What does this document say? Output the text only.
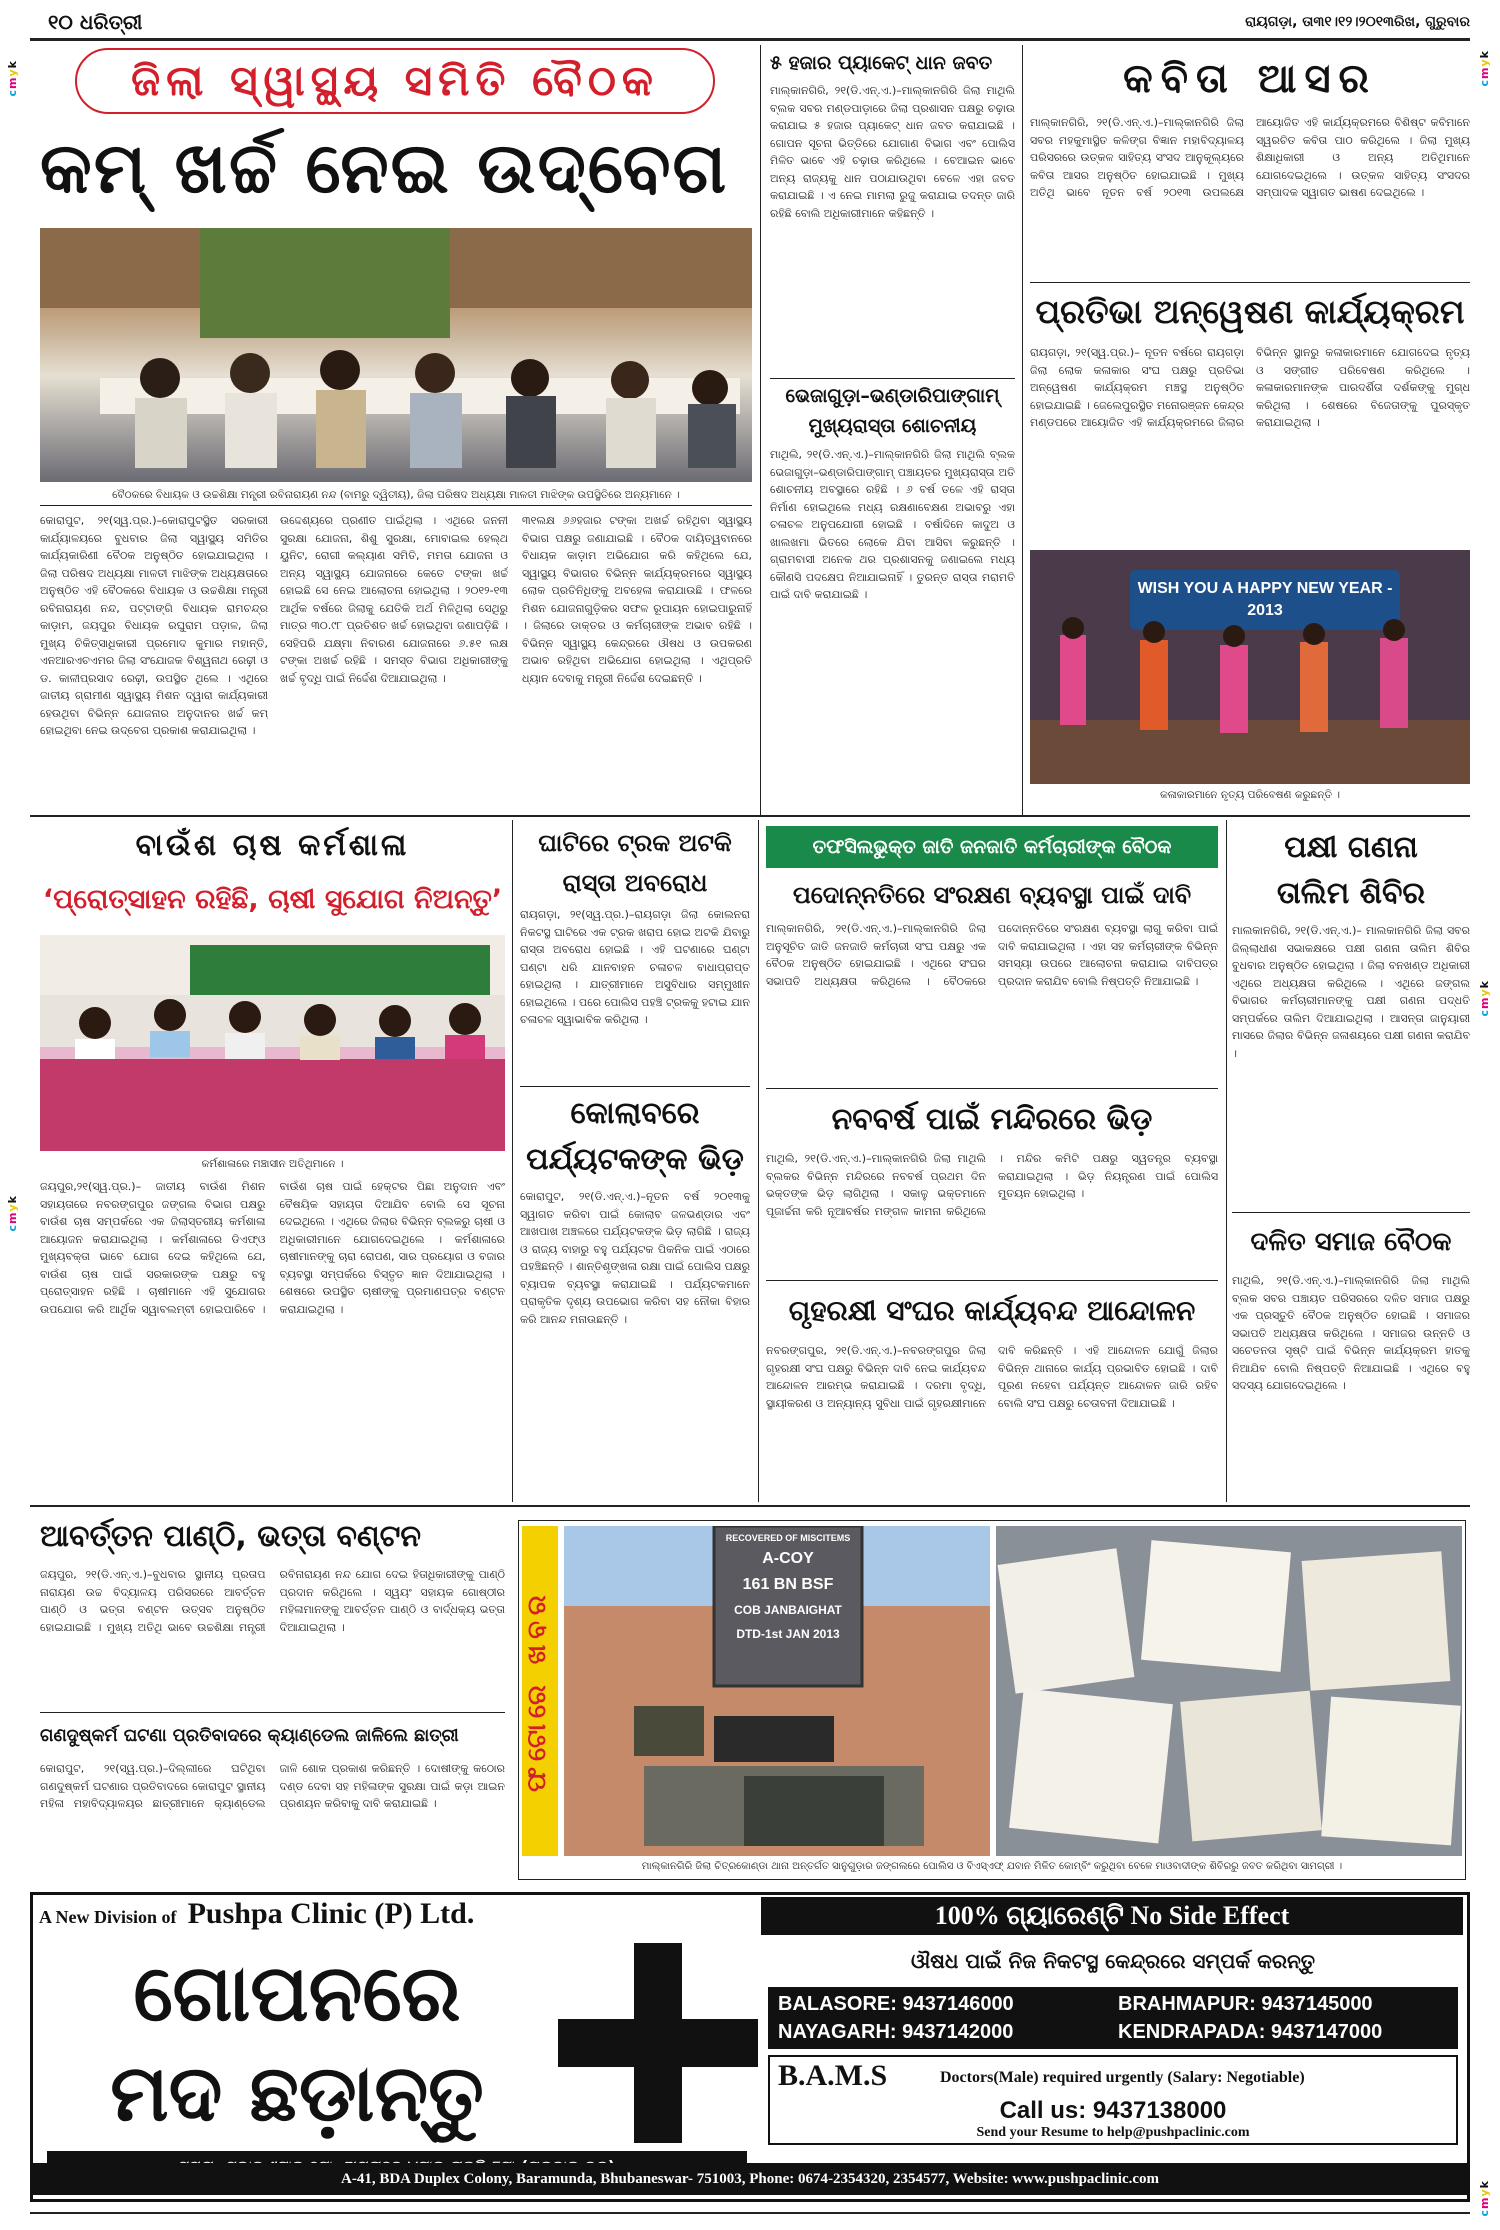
୧୦ ଧରିତ୍ରୀ	ରାୟଗଡ଼ା, ତା୩୧।୧୨।୨୦୧୩ରିଖ, ଗୁରୁବାର
cmyk
cmyk
cmyk
cmyk
cmyk
ଜିଲା ସ୍ୱାସ୍ଥ୍ୟ ସମିତି ବୈଠକ
କମ୍ ଖର୍ଚ୍ଚ ନେଇ ଉଦ୍‌ବେଗ
ବୈଠକରେ ବିଧାୟକ ଓ ଉଚ୍ଚଶିକ୍ଷା ମନ୍ତ୍ରୀ ରବିନାରାୟଣ ନନ୍ଦ (ବାମରୁ ଦ୍ୱିତୀୟ), ଜିଲା ପରିଷଦ ଅଧ୍ୟକ୍ଷା ମାଳତୀ ମାଝିଙ୍କ ଉପସ୍ଥିତିରେ ଅନ୍ୟମାନେ ।
କୋରାପୁଟ, ୨୧(ସ୍ୱ.ପ୍ର.)–କୋରାପୁଟସ୍ଥିତ ସରକାରୀ କାର୍ଯ୍ୟାଳୟରେ ବୁଧବାର ଜିଲା ସ୍ୱାସ୍ଥ୍ୟ ସମିତିର କାର୍ଯ୍ୟକାରିଣୀ ବୈଠକ ଅନୁଷ୍ଠିତ ହୋଇଯାଇଥିଲା । ଜିଲା ପରିଷଦ ଅଧ୍ୟକ୍ଷା ମାଳତୀ ମାଝିଙ୍କ ଅଧ୍ୟକ୍ଷତାରେ ଅନୁଷ୍ଠିତ ଏହି ବୈଠକରେ ବିଧାୟକ ଓ ଉଚ୍ଚଶିକ୍ଷା ମନ୍ତ୍ରୀ ରବିନାରାୟଣ ନନ୍ଦ, ପଟ୍ଟାଙ୍ଗି ବିଧାୟକ ରାମଚନ୍ଦ୍ର କାଡ଼ାମ, ଜୟପୁର ବିଧାୟକ ରଘୁରାମ ପଡ଼ାଳ, ଜିଲା ମୁଖ୍ୟ ଚିକିତ୍ସାଧିକାରୀ ପ୍ରମୋଦ କୁମାର ମହାନ୍ତି, ଏନଆରଏଚଏମର ଜିଲା ସଂଯୋଜକ ବିଶ୍ୱନାଥ ରେଢ଼ୀ ଓ ଡ. କାଳୀପ୍ରସାଦ ରେଢ଼ୀ, ଉପସ୍ଥିତ ଥିଲେ । ଏଥିରେ ଜାତୀୟ ଗ୍ରାମୀଣ ସ୍ୱାସ୍ଥ୍ୟ ମିଶନ ଦ୍ୱାରା କାର୍ଯ୍ୟକାରୀ ହେଉଥିବା ବିଭିନ୍ନ ଯୋଜନାର ଅନୁଦାନର ଖର୍ଚ୍ଚ କମ୍ ହୋଇଥିବା ନେଇ ଉଦ୍‌ବେଗ ପ୍ରକାଶ କରାଯାଇଥିଲା ।
ଉଦ୍ଦେଶ୍ୟରେ ପ୍ରଣୀତ ପାଇଁଥିଲା । ଏଥିରେ ଜନନୀ ସୁରକ୍ଷା ଯୋଜନା, ଶିଶୁ ସୁରକ୍ଷା, ମୋବାଇଲ ହେଲ୍‌ଥ ୟୁନିଟ, ରୋଗୀ କଲ୍ୟାଣ ସମିତି, ମମତା ଯୋଜନା ଓ ଅନ୍ୟ ସ୍ୱାସ୍ଥ୍ୟ ଯୋଜନାରେ କେତେ ଟଙ୍କା ଖର୍ଚ୍ଚ ହୋଇଛି ସେ ନେଇ ଆଲୋଚନା ହୋଇଥିଲା । ୨୦୧୨-୧୩ ଆର୍ଥିକ ବର୍ଷରେ ଜିଲାକୁ ଯେତିକି ଅର୍ଥ ମିଳିଥିଲା ସେଥିରୁ ମାତ୍ର ୩୦.୯୮ ପ୍ରତିଶତ ଖର୍ଚ୍ଚ ହୋଇଥିବା ଜଣାପଡ଼ିଛି । ସେହିପରି ଯକ୍ଷ୍ମା ନିବାରଣ ଯୋଜନାରେ ୬.୫୧ ଲକ୍ଷ ଟଙ୍କା ଅଖର୍ଚ୍ଚ ରହିଛି । ସମସ୍ତ ବିଭାଗ ଅଧିକାରୀଙ୍କୁ ଖର୍ଚ୍ଚ ବୃଦ୍ଧି ପାଇଁ ନିର୍ଦ୍ଦେଶ ଦିଆଯାଇଥିଲା ।
୩୧ଲକ୍ଷ ୬୬ହଜାର ଟଙ୍କା ଅଖର୍ଚ୍ଚ ରହିଥିବା ସ୍ୱାସ୍ଥ୍ୟ ବିଭାଗ ପକ୍ଷରୁ ଜଣାଯାଇଛି । ବୈଠକ ଦାୟିତ୍ୱବାନରେ ବିଧାୟକ କାଡ଼ାମ ଅଭିଯୋଗ କରି କହିଥିଲେ ଯେ, ସ୍ୱାସ୍ଥ୍ୟ ବିଭାଗର ବିଭିନ୍ନ କାର୍ଯ୍ୟକ୍ରମରେ ସ୍ୱାସ୍ଥ୍ୟ ଲୋକ ପ୍ରତିନିଧିଙ୍କୁ ଅବହେଳା କରାଯାଉଛି । ଫଳରେ ମିଶନ ଯୋଜନାଗୁଡ଼ିକର ସଫଳ ରୂପାୟନ ହୋଇପାରୁନାହିଁ । ଜିଲାରେ ଡାକ୍ତର ଓ କର୍ମଚାରୀଙ୍କ ଅଭାବ ରହିଛି । ବିଭିନ୍ନ ସ୍ୱାସ୍ଥ୍ୟ କେନ୍ଦ୍ରରେ ଔଷଧ ଓ ଉପକରଣ ଅଭାବ ରହିଥିବା ଅଭିଯୋଗ ହୋଇଥିଲା । ଏଥିପ୍ରତି ଧ୍ୟାନ ଦେବାକୁ ମନ୍ତ୍ରୀ ନିର୍ଦ୍ଦେଶ ଦେଇଛନ୍ତି ।
୫ ହଜାର ପ୍ୟାକେଟ୍ ଧାନ ଜବତ
ମାଲ୍କାନଗିରି, ୨୧(ଡି.ଏନ୍.ଏ.)–ମାଲ୍କାନଗିରି ଜିଲା ମାଥିଲି ବ୍ଲକ ସବର ମଣ୍ଡପାଡ଼ାରେ ଜିଲା ପ୍ରଶାସନ ପକ୍ଷରୁ ଚଢ଼ାଉ କରାଯାଇ ୫ ହଜାର ପ୍ୟାକେଟ୍ ଧାନ ଜବତ କରାଯାଇଛି । ଗୋପନ ସୂଚନା ଭିତ୍ତିରେ ଯୋଗାଣ ବିଭାଗ ଏବଂ ପୋଲିସ ମିଳିତ ଭାବେ ଏହି ଚଢ଼ାଉ କରିଥିଲେ । ବେଆଇନ ଭାବେ ଅନ୍ୟ ରାଜ୍ୟକୁ ଧାନ ପଠାଯାଉଥିବା ବେଳେ ଏହା ଜବତ କରାଯାଇଛି । ଏ ନେଇ ମାମଲା ରୁଜୁ କରାଯାଇ ତଦନ୍ତ ଜାରି ରହିଛି ବୋଲି ଅଧିକାରୀମାନେ କହିଛନ୍ତି ।
ଭେଜାଗୁଡ଼ା–ଭଣ୍ଡାରିପାଙ୍ଗାମ୍
ମୁଖ୍ୟରାସ୍ତା ଶୋଚନୀୟ
ମାଥିଲି, ୨୧(ଡି.ଏନ୍.ଏ.)–ମାଲ୍କାନଗିରି ଜିଲା ମାଥିଲି ବ୍ଲକ ଭେଜାଗୁଡ଼ା–ଭଣ୍ଡାରିପାଙ୍ଗାମ୍ ପଞ୍ଚାୟତର ମୁଖ୍ୟରାସ୍ତା ଅତି ଶୋଚନୀୟ ଅବସ୍ଥାରେ ରହିଛି । ୬ ବର୍ଷ ତଳେ ଏହି ରାସ୍ତା ନିର୍ମାଣ ହୋଇଥିଲେ ମଧ୍ୟ ରକ୍ଷଣାବେକ୍ଷଣ ଅଭାବରୁ ଏହା ଚଳାଚଳ ଅନୁପଯୋଗୀ ହୋଇଛି । ବର୍ଷାଦିନେ କାଦୁଅ ଓ ଖାଲଖମା ଭିତରେ ଲୋକେ ଯିବା ଆସିବା କରୁଛନ୍ତି । ଗ୍ରାମବାସୀ ଅନେକ ଥର ପ୍ରଶାସନକୁ ଜଣାଇଲେ ମଧ୍ୟ କୌଣସି ପଦକ୍ଷେପ ନିଆଯାଇନାହିଁ । ତୁରନ୍ତ ରାସ୍ତା ମରାମତି ପାଇଁ ଦାବି କରାଯାଇଛି ।
କବିତା ଆସର
ମାଲ୍କାନଗିରି, ୨୧(ଡି.ଏନ୍.ଏ.)–ମାଲ୍କାନଗିରି ଜିଲା ସବର ମହକୁମାସ୍ଥିତ କଳିଙ୍ଗ ବିଜ୍ଞାନ ମହାବିଦ୍ୟାଳୟ ପରିସରରେ ଉତ୍କଳ ସାହିତ୍ୟ ସଂସଦ ଆନୁକୂଲ୍ୟରେ କବିତା ଆସର ଅନୁଷ୍ଠିତ ହୋଇଯାଇଛି । ମୁଖ୍ୟ ଅତିଥି ଭାବେ ନୂତନ ବର୍ଷ ୨୦୧୩ ଉପଲକ୍ଷେ ଆୟୋଜିତ ଏହି କାର୍ଯ୍ୟକ୍ରମରେ ବିଶିଷ୍ଟ କବିମାନେ ସ୍ୱରଚିତ କବିତା ପାଠ କରିଥିଲେ । ଜିଲା ମୁଖ୍ୟ ଶିକ୍ଷାଧିକାରୀ ଓ ଅନ୍ୟ ଅତିଥିମାନେ ଯୋଗଦେଇଥିଲେ । ଉତ୍କଳ ସାହିତ୍ୟ ସଂସଦର ସମ୍ପାଦକ ସ୍ୱାଗତ ଭାଷଣ ଦେଇଥିଲେ ।
ପ୍ରତିଭା ଅନ୍ୱେଷଣ କାର୍ଯ୍ୟକ୍ରମ
ରାୟଗଡ଼ା, ୨୧(ସ୍ୱ.ପ୍ର.)– ନୂତନ ବର୍ଷରେ ରାୟଗଡ଼ା ଜିଲା ଲୋକ କଳାକାର ସଂଘ ପକ୍ଷରୁ ପ୍ରତିଭା ଅନ୍ୱେଷଣ କାର୍ଯ୍ୟକ୍ରମ ମଞ୍ଚସ୍ଥ ଅନୁଷ୍ଠିତ ହୋଇଯାଇଛି । ଜେଲେପୁରସ୍ଥିତ ମନୋରଞ୍ଜନ କେନ୍ଦ୍ର ମଣ୍ଡପରେ ଆୟୋଜିତ ଏହି କାର୍ଯ୍ୟକ୍ରମରେ ଜିଲାର ବିଭିନ୍ନ ସ୍ଥାନରୁ କଳାକାରମାନେ ଯୋଗଦେଇ ନୃତ୍ୟ ଓ ସଙ୍ଗୀତ ପରିବେଷଣ କରିଥିଲେ । କଳାକାରମାନଙ୍କ ପାରଦର୍ଶିତା ଦର୍ଶକଙ୍କୁ ମୁଗ୍ଧ କରିଥିଲା । ଶେଷରେ ବିଜେତାଙ୍କୁ ପୁରସ୍କୃତ କରାଯାଇଥିଲା ।
WISH YOU A HAPPY NEW YEAR - 2013
କଳାକାରମାନେ ନୃତ୍ୟ ପରିବେଷଣ କରୁଛନ୍ତି ।
ବାଉଁଶ ଚାଷ କର୍ମଶାଳା
‘ପ୍ରୋତ୍ସାହନ ରହିଛି, ଚାଷୀ ସୁଯୋଗ ନିଅନ୍ତୁ’
କର୍ମଶାଳାରେ ମଞ୍ଚାସୀନ ଅତିଥିମାନେ ।
ଜୟପୁର,୨୧(ସ୍ୱ.ପ୍ର.)– ଜାତୀୟ ବାଉଁଶ ମିଶନ ସହାୟତାରେ ନବରଙ୍ଗପୁର ଜଙ୍ଗଲ ବିଭାଗ ପକ୍ଷରୁ ବାଉଁଶ ଚାଷ ସମ୍ପର୍କରେ ଏକ ଜିଲାସ୍ତରୀୟ କର୍ମଶାଳା ଆୟୋଜନ କରାଯାଇଥିଲା । କର୍ମଶାଳାରେ ଡିଏଫ୍‌ଓ ମୁଖ୍ୟବକ୍ତା ଭାବେ ଯୋଗ ଦେଇ କହିଥିଲେ ଯେ, ବାଉଁଶ ଚାଷ ପାଇଁ ସରକାରଙ୍କ ପକ୍ଷରୁ ବହୁ ପ୍ରୋତ୍ସାହନ ରହିଛି । ଚାଷୀମାନେ ଏହି ସୁଯୋଗର ଉପଯୋଗ କରି ଆର୍ଥିକ ସ୍ୱାବଲମ୍ବୀ ହୋଇପାରିବେ । ବାଉଁଶ ଚାଷ ପାଇଁ ହେକ୍ଟର ପିଛା ଅନୁଦାନ ଏବଂ ବୈଷୟିକ ସହାୟତା ଦିଆଯିବ ବୋଲି ସେ ସୂଚନା ଦେଇଥିଲେ । ଏଥିରେ ଜିଲାର ବିଭିନ୍ନ ବ୍ଲକରୁ ଚାଷୀ ଓ ଅଧିକାରୀମାନେ ଯୋଗଦେଇଥିଲେ । କର୍ମଶାଳାରେ ଚାଷୀମାନଙ୍କୁ ଚାରା ରୋପଣ, ସାର ପ୍ରୟୋଗ ଓ ବଜାର ବ୍ୟବସ୍ଥା ସମ୍ପର୍କରେ ବିସ୍ତୃତ ଜ୍ଞାନ ଦିଆଯାଇଥିଲା । ଶେଷରେ ଉପସ୍ଥିତ ଚାଷୀଙ୍କୁ ପ୍ରମାଣପତ୍ର ବଣ୍ଟନ କରାଯାଇଥିଲା ।
ଘାଟିରେ ଟ୍ରକ ଅଟକି
ରାସ୍ତା ଅବରୋଧ
ରାୟଗଡ଼ା, ୨୧(ସ୍ୱ.ପ୍ର.)–ରାୟଗଡ଼ା ଜିଲା କୋଲନରା ନିକଟସ୍ଥ ଘାଟିରେ ଏକ ଟ୍ରକ ଖରାପ ହୋଇ ଅଟକି ଯିବାରୁ ରାସ୍ତା ଅବରୋଧ ହୋଇଛି । ଏହି ଘଟଣାରେ ଘଣ୍ଟା ଘଣ୍ଟା ଧରି ଯାନବାହନ ଚଳାଚଳ ବାଧାପ୍ରାପ୍ତ ହୋଇଥିଲା । ଯାତ୍ରୀମାନେ ଅସୁବିଧାର ସମ୍ମୁଖୀନ ହୋଇଥିଲେ । ପରେ ପୋଲିସ ପହଞ୍ଚି ଟ୍ରକକୁ ହଟାଇ ଯାନ ଚଳାଚଳ ସ୍ୱାଭାବିକ କରିଥିଲା ।
କୋଲାବରେ
ପର୍ଯ୍ୟଟକଙ୍କ ଭିଡ଼
କୋରାପୁଟ, ୨୧(ଡି.ଏନ୍.ଏ.)–ନୂତନ ବର୍ଷ ୨୦୧୩କୁ ସ୍ୱାଗତ କରିବା ପାଇଁ କୋଲାବ ଜଳଭଣ୍ଡାର ଏବଂ ଆଖପାଖ ଅଞ୍ଚଳରେ ପର୍ଯ୍ୟଟକଙ୍କ ଭିଡ଼ ଲାଗିଛି । ରାଜ୍ୟ ଓ ରାଜ୍ୟ ବାହାରୁ ବହୁ ପର୍ଯ୍ୟଟକ ପିକନିକ ପାଇଁ ଏଠାରେ ପହଞ୍ଚିଛନ୍ତି । ଶାନ୍ତିଶୃଙ୍ଖଳା ରକ୍ଷା ପାଇଁ ପୋଲିସ ପକ୍ଷରୁ ବ୍ୟାପକ ବ୍ୟବସ୍ଥା କରାଯାଇଛି । ପର୍ଯ୍ୟଟକମାନେ ପ୍ରାକୃତିକ ଦୃଶ୍ୟ ଉପଭୋଗ କରିବା ସହ ନୌକା ବିହାର କରି ଆନନ୍ଦ ମନାଉଛନ୍ତି ।
ତଫସିଲଭୁକ୍ତ ଜାତି ଜନଜାତି କର୍ମଚାରୀଙ୍କ ବୈଠକ
ପଦୋନ୍ନତିରେ ସଂରକ୍ଷଣ ବ୍ୟବସ୍ଥା ପାଇଁ ଦାବି
ମାଲ୍କାନଗିରି, ୨୧(ଡି.ଏନ୍.ଏ.)–ମାଲ୍କାନଗିରି ଜିଲା ଅନୁସୂଚିତ ଜାତି ଜନଜାତି କର୍ମଚାରୀ ସଂଘ ପକ୍ଷରୁ ଏକ ବୈଠକ ଅନୁଷ୍ଠିତ ହୋଇଯାଇଛି । ଏଥିରେ ସଂଘର ସଭାପତି ଅଧ୍ୟକ୍ଷତା କରିଥିଲେ । ବୈଠକରେ ପଦୋନ୍ନତିରେ ସଂରକ୍ଷଣ ବ୍ୟବସ୍ଥା ଲାଗୁ କରିବା ପାଇଁ ଦାବି କରାଯାଇଥିଲା । ଏହା ସହ କର୍ମଚାରୀଙ୍କ ବିଭିନ୍ନ ସମସ୍ୟା ଉପରେ ଆଲୋଚନା କରାଯାଇ ଦାବିପତ୍ର ପ୍ରଦାନ କରାଯିବ ବୋଲି ନିଷ୍ପତ୍ତି ନିଆଯାଇଛି ।
ନବବର୍ଷ ପାଇଁ ମନ୍ଦିରରେ ଭିଡ଼
ମାଥିଲି, ୨୧(ଡି.ଏନ୍.ଏ.)–ମାଲ୍କାନଗିରି ଜିଲା ମାଥିଲି ବ୍ଲକର ବିଭିନ୍ନ ମନ୍ଦିରରେ ନବବର୍ଷ ପ୍ରଥମ ଦିନ ଭକ୍ତଙ୍କ ଭିଡ଼ ଲାଗିଥିଲା । ସକାଳୁ ଭକ୍ତମାନେ ପୂଜାର୍ଚ୍ଚନା କରି ନୂଆବର୍ଷର ମଙ୍ଗଳ କାମନା କରିଥିଲେ । ମନ୍ଦିର କମିଟି ପକ୍ଷରୁ ସ୍ୱତନ୍ତ୍ର ବ୍ୟବସ୍ଥା କରାଯାଇଥିଲା । ଭିଡ଼ ନିୟନ୍ତ୍ରଣ ପାଇଁ ପୋଲିସ ମୁତୟନ ହୋଇଥିଲା ।
ଗୃହରକ୍ଷୀ ସଂଘର କାର୍ଯ୍ୟବନ୍ଦ ଆନ୍ଦୋଳନ
ନବରଙ୍ଗପୁର, ୨୧(ଡି.ଏନ୍.ଏ.)–ନବରଙ୍ଗପୁର ଜିଲା ଗୃହରକ୍ଷୀ ସଂଘ ପକ୍ଷରୁ ବିଭିନ୍ନ ଦାବି ନେଇ କାର୍ଯ୍ୟବନ୍ଦ ଆନ୍ଦୋଳନ ଆରମ୍ଭ କରାଯାଇଛି । ଦରମା ବୃଦ୍ଧି, ସ୍ଥାୟୀକରଣ ଓ ଅନ୍ୟାନ୍ୟ ସୁବିଧା ପାଇଁ ଗୃହରକ୍ଷୀମାନେ ଦାବି କରିଛନ୍ତି । ଏହି ଆନ୍ଦୋଳନ ଯୋଗୁଁ ଜିଲାର ବିଭିନ୍ନ ଥାନାରେ କାର୍ଯ୍ୟ ପ୍ରଭାବିତ ହୋଇଛି । ଦାବି ପୂରଣ ନହେବା ପର୍ଯ୍ୟନ୍ତ ଆନ୍ଦୋଳନ ଜାରି ରହିବ ବୋଲି ସଂଘ ପକ୍ଷରୁ ଚେତାବନୀ ଦିଆଯାଇଛି ।
ପକ୍ଷୀ ଗଣନା
ତାଲିମ ଶିବିର
ମାଲକାନଗିରି, ୨୧(ଡି.ଏନ୍.ଏ.)– ମାଲକାନଗିରି ଜିଲା ସବର ଜିଲ୍ଲାଧୀଶ ସଭାକକ୍ଷରେ ପକ୍ଷୀ ଗଣନା ତାଲିମ ଶିବିର ବୁଧବାର ଅନୁଷ୍ଠିତ ହୋଇଥିଲା । ଜିଲା ବନଖଣ୍ଡ ଅଧିକାରୀ ଏଥିରେ ଅଧ୍ୟକ୍ଷତା କରିଥିଲେ । ଏଥିରେ ଜଙ୍ଗଲ ବିଭାଗର କର୍ମଚାରୀମାନଙ୍କୁ ପକ୍ଷୀ ଗଣନା ପଦ୍ଧତି ସମ୍ପର୍କରେ ତାଲିମ ଦିଆଯାଇଥିଲା । ଆସନ୍ତା ଜାନୁୟାରୀ ମାସରେ ଜିଲାର ବିଭିନ୍ନ ଜଳାଶୟରେ ପକ୍ଷୀ ଗଣନା କରାଯିବ ।
ଦଳିତ ସମାଜ ବୈଠକ
ମାଥିଲି, ୨୧(ଡି.ଏନ୍.ଏ.)–ମାଲ୍କାନଗିରି ଜିଲା ମାଥିଲି ବ୍ଲକ ସବର ପଞ୍ଚାୟତ ପରିସରରେ ଦଳିତ ସମାଜ ପକ୍ଷରୁ ଏକ ପ୍ରସ୍ତୁତି ବୈଠକ ଅନୁଷ୍ଠିତ ହୋଇଛି । ସମାଜର ସଭାପତି ଅଧ୍ୟକ୍ଷତା କରିଥିଲେ । ସମାଜର ଉନ୍ନତି ଓ ସଚେତନତା ସୃଷ୍ଟି ପାଇଁ ବିଭିନ୍ନ କାର୍ଯ୍ୟକ୍ରମ ହାତକୁ ନିଆଯିବ ବୋଲି ନିଷ୍ପତ୍ତି ନିଆଯାଇଛି । ଏଥିରେ ବହୁ ସଦସ୍ୟ ଯୋଗଦେଇଥିଲେ ।
ଆବର୍ତ୍ତନ ପାଣ୍ଠି, ଭତ୍ତା ବଣ୍ଟନ
ଜୟପୁର, ୨୧(ଡି.ଏନ୍.ଏ.)–ବୁଧବାର ସ୍ଥାନୀୟ ପ୍ରତାପ ନାରାୟଣ ଉଚ୍ଚ ବିଦ୍ୟାଳୟ ପରିସରରେ ଆବର୍ତ୍ତନ ପାଣ୍ଠି ଓ ଭତ୍ତା ବଣ୍ଟନ ଉତ୍ସବ ଅନୁଷ୍ଠିତ ହୋଇଯାଇଛି । ମୁଖ୍ୟ ଅତିଥି ଭାବେ ଉଚ୍ଚଶିକ୍ଷା ମନ୍ତ୍ରୀ ରବିନାରାୟଣ ନନ୍ଦ ଯୋଗ ଦେଇ ହିତାଧିକାରୀଙ୍କୁ ପାଣ୍ଠି ପ୍ରଦାନ କରିଥିଲେ । ସ୍ୱୟଂ ସହାୟକ ଗୋଷ୍ଠୀର ମହିଳାମାନଙ୍କୁ ଆବର୍ତ୍ତନ ପାଣ୍ଠି ଓ ବାର୍ଦ୍ଧକ୍ୟ ଭତ୍ତା ଦିଆଯାଇଥିଲା ।
ଗଣଦୁଷ୍କର୍ମ ଘଟଣା ପ୍ରତିବାଦରେ କ୍ୟାଣ୍ଡେଲ ଜାଳିଲେ ଛାତ୍ରୀ
କୋରାପୁଟ, ୨୧(ସ୍ୱ.ପ୍ର.)–ଦିଲ୍ଲୀରେ ଘଟିଥିବା ଗଣଦୁଷ୍କର୍ମ ଘଟଣାର ପ୍ରତିବାଦରେ କୋରାପୁଟ ସ୍ଥାନୀୟ ମହିଳା ମହାବିଦ୍ୟାଳୟର ଛାତ୍ରୀମାନେ କ୍ୟାଣ୍ଡେଲ ଜାଳି ଶୋକ ପ୍ରକାଶ କରିଛନ୍ତି । ଦୋଷୀଙ୍କୁ କଠୋର ଦଣ୍ଡ ଦେବା ସହ ମହିଳାଙ୍କ ସୁରକ୍ଷା ପାଇଁ କଡ଼ା ଆଇନ ପ୍ରଣୟନ କରିବାକୁ ଦାବି କରାଯାଇଛି ।
ଫଟୋରେ ଖବର
RECOVERED OF MISCITEMS
A-COY
161 BN BSF
COB JANBAIGHAT
DTD-1st JAN 2013
ମାଲ୍କାନଗିରି ଜିଲା ଚିତ୍ରକୋଣ୍ଡା ଥାନା ଅନ୍ତର୍ଗତ ସାନୁଗୁଡ଼ାର ଜଙ୍ଗଲରେ ପୋଲିସ ଓ ବିଏସ୍‌ଏଫ୍ ଯବାନ ମିଳିତ କୋମ୍ବିଂ କରୁଥିବା ବେଳେ ମାଓବାଦୀଙ୍କ ଶିବିରରୁ ଜବତ କରିଥିବା ସାମଗ୍ରୀ ।
A New Division of Pushpa Clinic (P) Ltd.	100% ଗ୍ୟାରେଣ୍ଟି No Side Effect
ଗୋପନରେ
ମଦ ଛଡ଼ାନ୍ତୁ
ଔଷଧ ପାଇଁ ନିଜ ନିକଟସ୍ଥ କେନ୍ଦ୍ରରେ ସମ୍ପର୍କ କରନ୍ତୁ
BALASORE: 9437146000	BRAHMAPUR: 9437145000
NAYAGARH: 9437142000	KENDRAPADA: 9437147000
B.A.M.S	Doctors(Male) required urgently (Salary: Negotiable)
Call us: 9437138000
Send your Resume to help@pushpaclinic.com
A-41, BDA Duplex Colony, Baramunda, Bhubaneswar- 751003, Phone: 0674-2354320, 2354577, Website: www.pushpaclinic.com
